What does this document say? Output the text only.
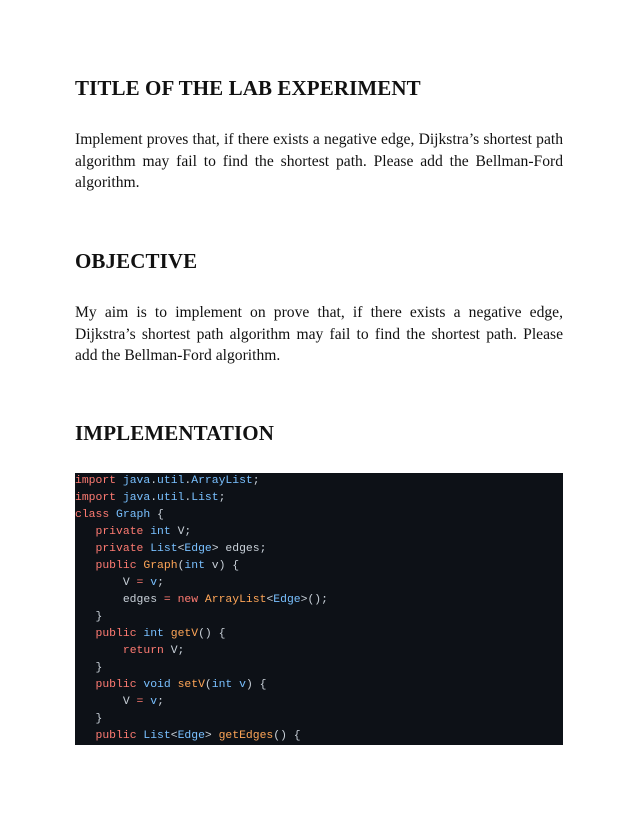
TITLE OF THE LAB EXPERIMENT

Implement proves that, if there exists a negative edge, Dijkstra’s shortest path algorithm may fail to find the shortest path. Please add the Bellman-Ford algorithm.

OBJECTIVE

My aim is to implement on prove that, if there exists a negative edge, Dijkstra’s shortest path algorithm may fail to find the shortest path. Please add the Bellman-Ford algorithm.

IMPLEMENTATION
import java.util.ArrayList;
import java.util.List;
class Graph {
private int V;
private List<Edge> edges;
public Graph(int v) {
V = v;
edges = new ArrayList<Edge>();
}
public int getV() {
return V;
}
public void setV(int v) {
V = v;
}
public List<Edge> getEdges() {
